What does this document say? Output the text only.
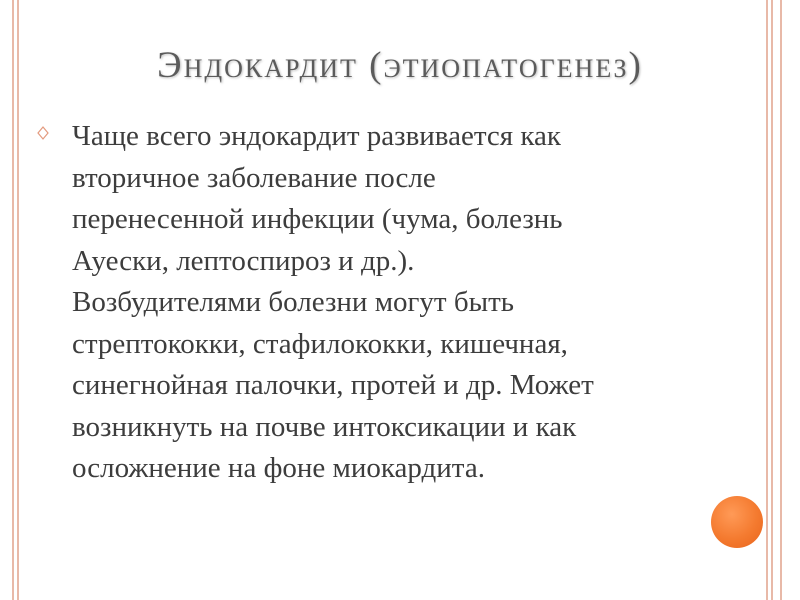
Эндокардит (этиопатогенез)
Чаще всего эндокардит развивается как
вторичное заболевание после
перенесенной инфекции (чума, болезнь
Ауески, лептоспироз и др.).
Возбудителями болезни могут быть
стрептококки, стафилококки, кишечная,
синегнойная палочки, протей и др. Может
возникнуть на почве интоксикации и как
осложнение на фоне миокардита.
